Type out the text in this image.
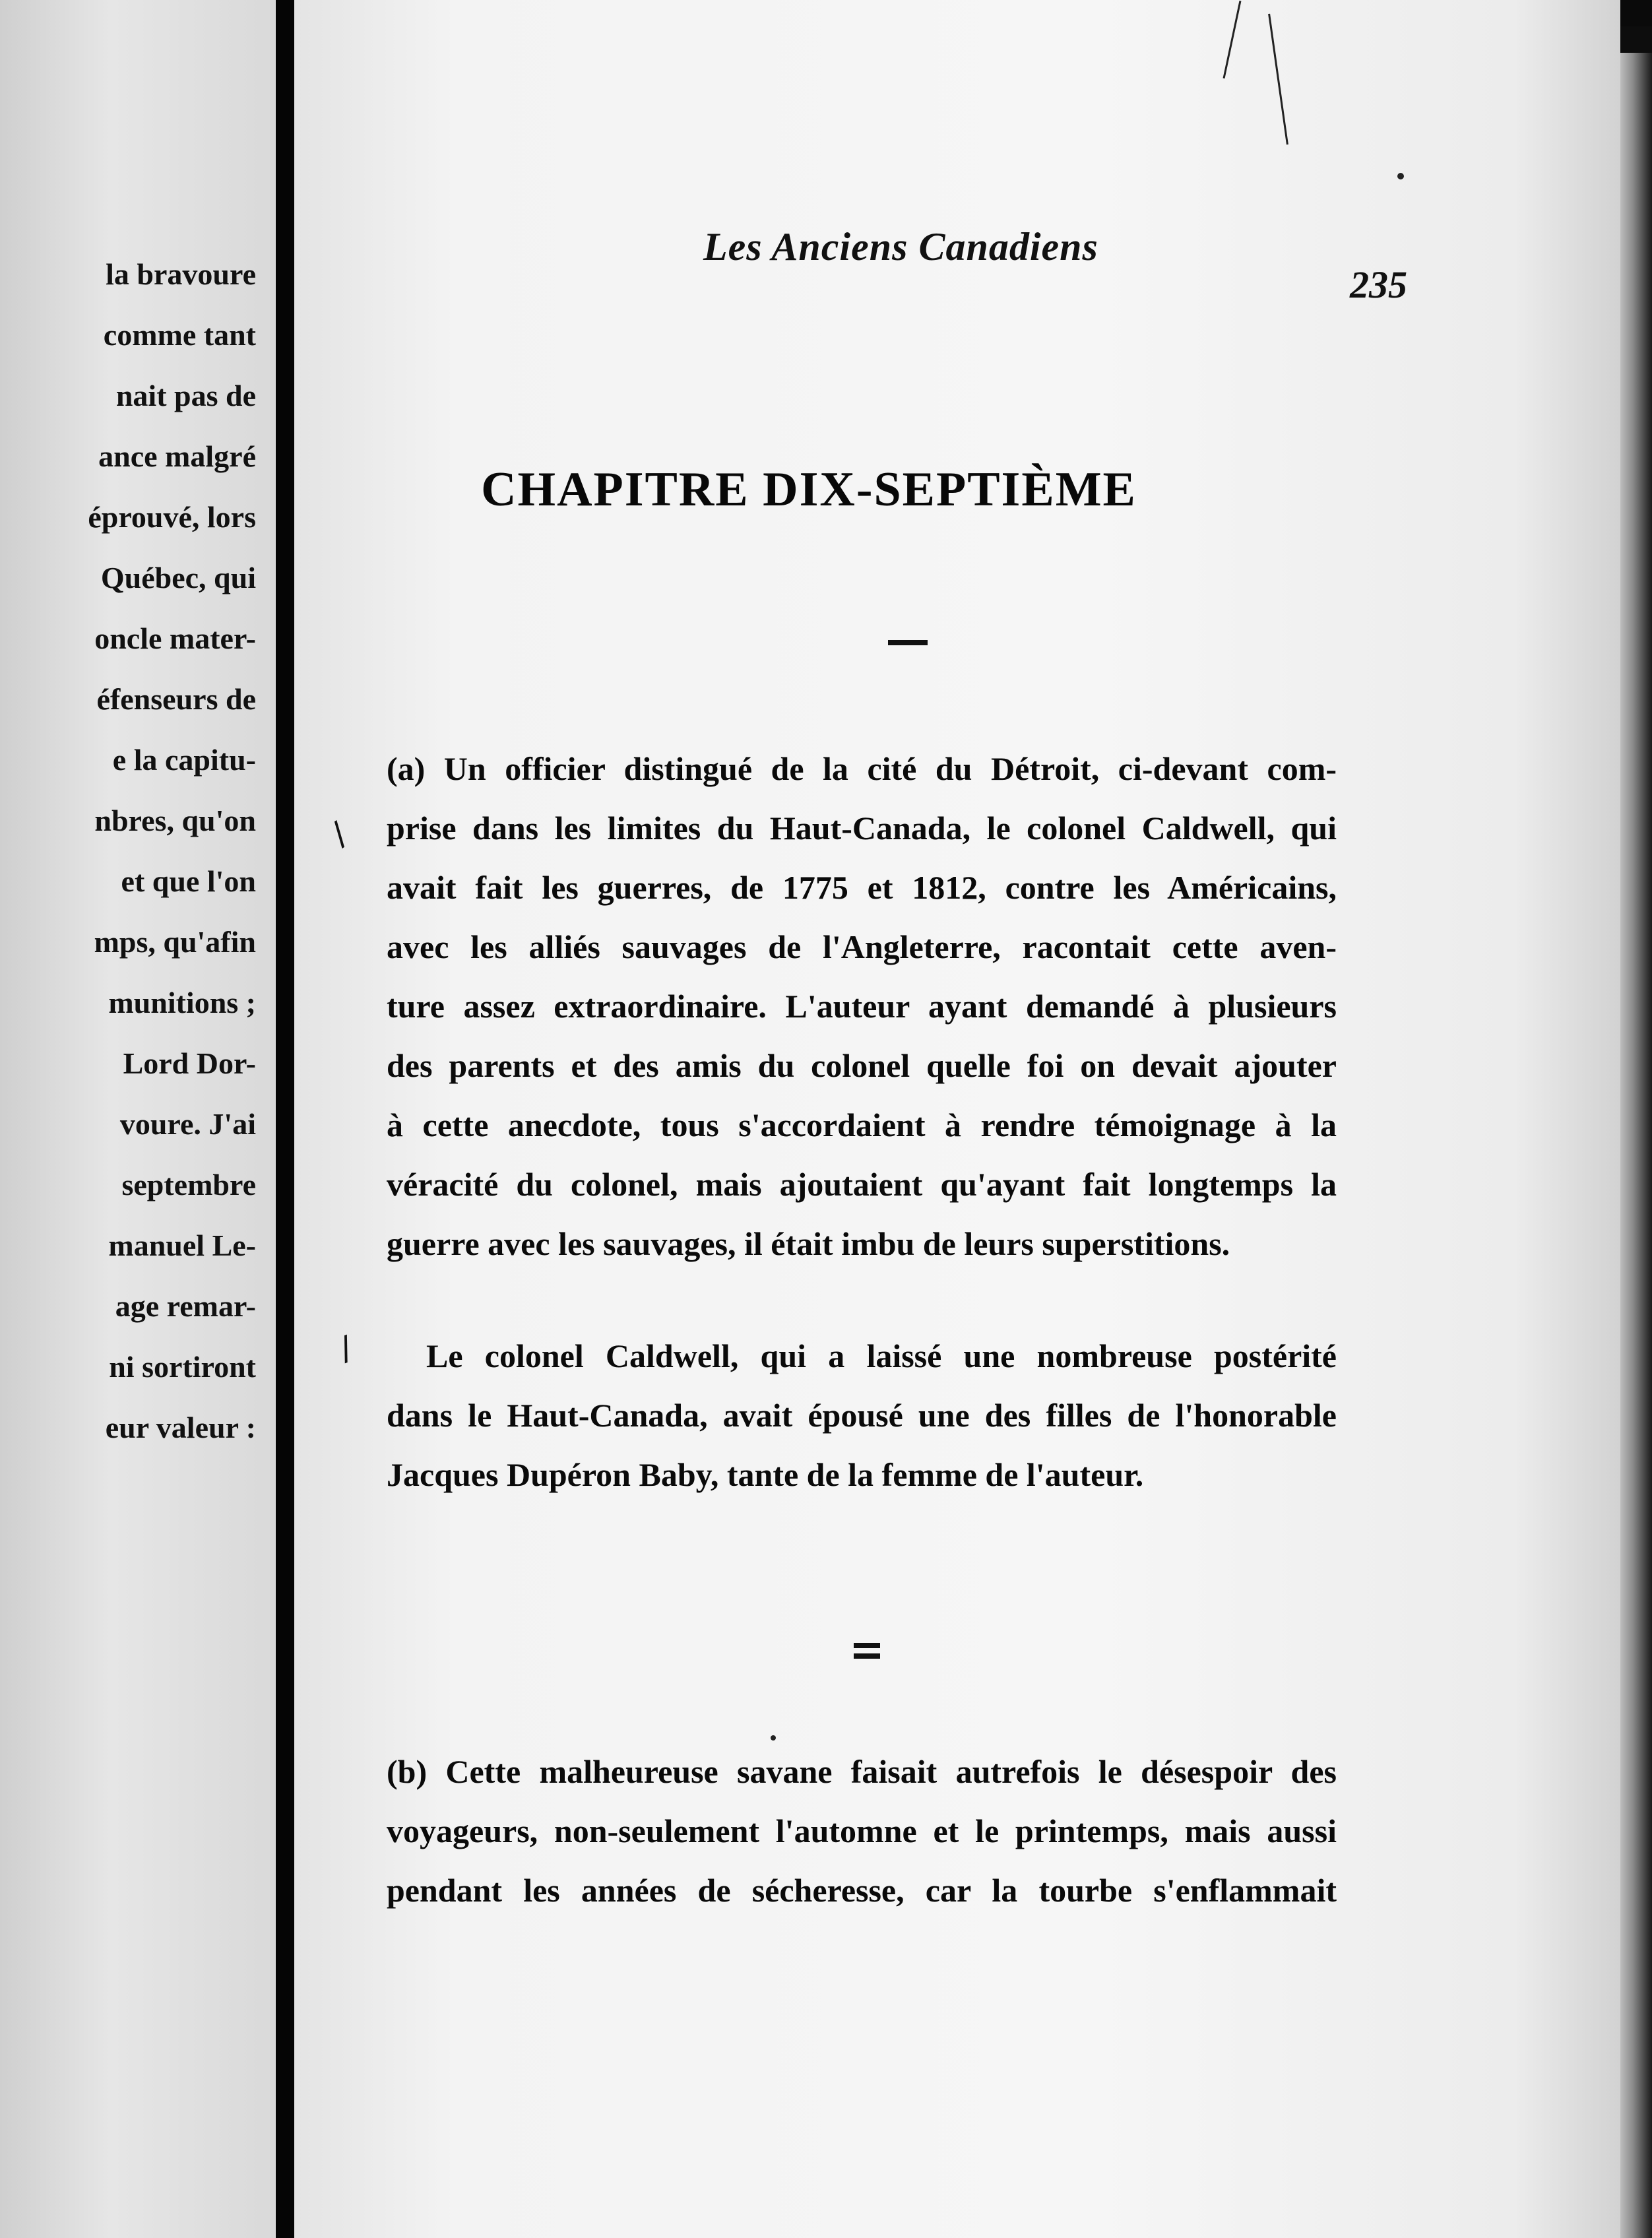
la bravoure
comme tant
nait pas de
ance malgré
éprouvé, lors
Québec, qui
oncle mater-
éfenseurs de
e la capitu-
nbres, qu'on
et que l'on
mps, qu'afin
munitions ;
Lord Dor-
voure. J'ai
septembre
manuel Le-
age remar-
ni sortiront
eur valeur :
Les Anciens Canadiens
235
CHAPITRE DIX-SEPTIÈME
(a) Un officier distingué de la cité du Détroit, ci-devant com-
prise dans les limites du Haut-Canada, le colonel Caldwell, qui
avait fait les guerres, de 1775 et 1812, contre les Américains,
avec les alliés sauvages de l'Angleterre, racontait cette aven-
ture assez extraordinaire. L'auteur ayant demandé à plusieurs
des parents et des amis du colonel quelle foi on devait ajouter
à cette anecdote, tous s'accordaient à rendre témoignage à la
véracité du colonel, mais ajoutaient qu'ayant fait longtemps la
guerre avec les sauvages, il était imbu de leurs superstitions.
Le colonel Caldwell, qui a laissé une nombreuse postérité
dans le Haut-Canada, avait épousé une des filles de l'honorable
Jacques Dupéron Baby, tante de la femme de l'auteur.
(b) Cette malheureuse savane faisait autrefois le désespoir des
voyageurs, non-seulement l'automne et le printemps, mais aussi
pendant les années de sécheresse, car la tourbe s'enflammait
/
/
